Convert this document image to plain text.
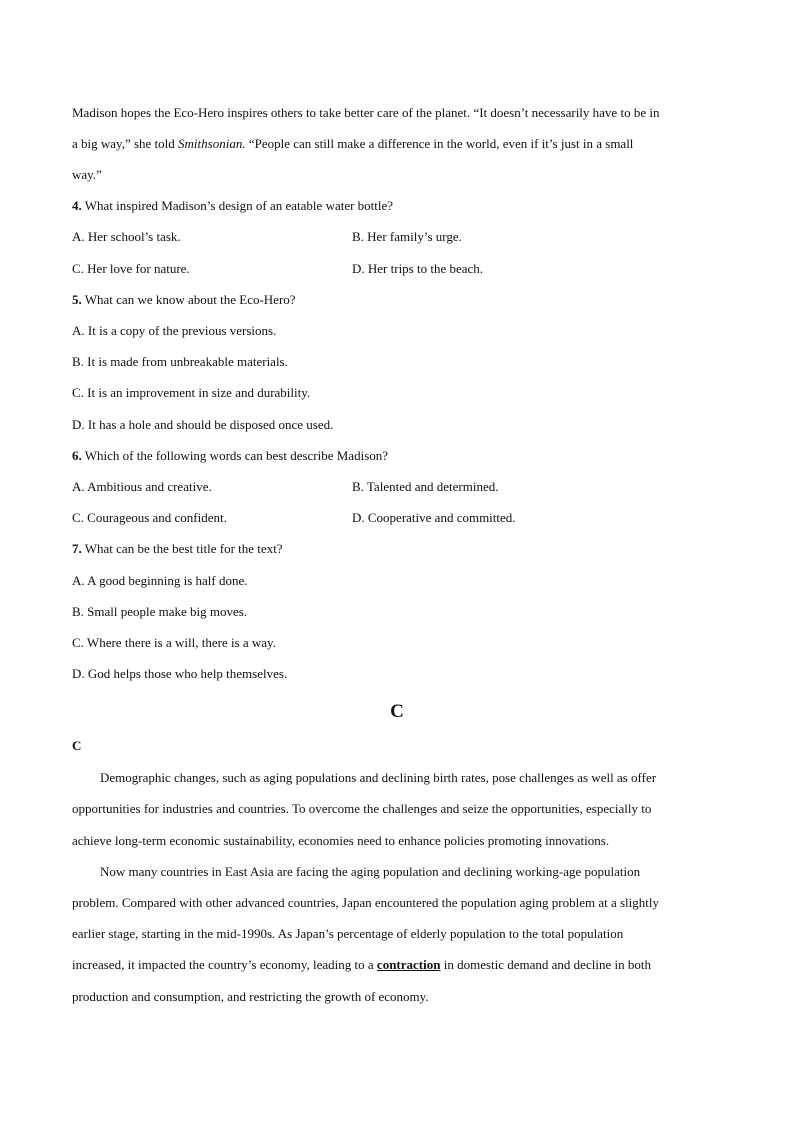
Madison hopes the Eco-Hero inspires others to take better care of the planet. “It doesn’t necessarily have to be in
a big way,” she told Smithsonian. “People can still make a difference in the world, even if it’s just in a small
way.”
4. What inspired Madison’s design of an eatable water bottle?
A. Her school’s task.	B. Her family’s urge.
C. Her love for nature.	D. Her trips to the beach.
5. What can we know about the Eco-Hero?
A. It is a copy of the previous versions.
B. It is made from unbreakable materials.
C. It is an improvement in size and durability.
D. It has a hole and should be disposed once used.
6. Which of the following words can best describe Madison?
A. Ambitious and creative.	B. Talented and determined.
C. Courageous and confident.	D. Cooperative and committed.
7. What can be the best title for the text?
A. A good beginning is half done.
B. Small people make big moves.
C. Where there is a will, there is a way.
D. God helps those who help themselves.
C
C
Demographic changes, such as aging populations and declining birth rates, pose challenges as well as offer
opportunities for industries and countries. To overcome the challenges and seize the opportunities, especially to
achieve long-term economic sustainability, economies need to enhance policies promoting innovations.
Now many countries in East Asia are facing the aging population and declining working-age population
problem. Compared with other advanced countries, Japan encountered the population aging problem at a slightly
earlier stage, starting in the mid-1990s. As Japan’s percentage of elderly population to the total population
increased, it impacted the country’s economy, leading to a contraction in domestic demand and decline in both
production and consumption, and restricting the growth of economy.
